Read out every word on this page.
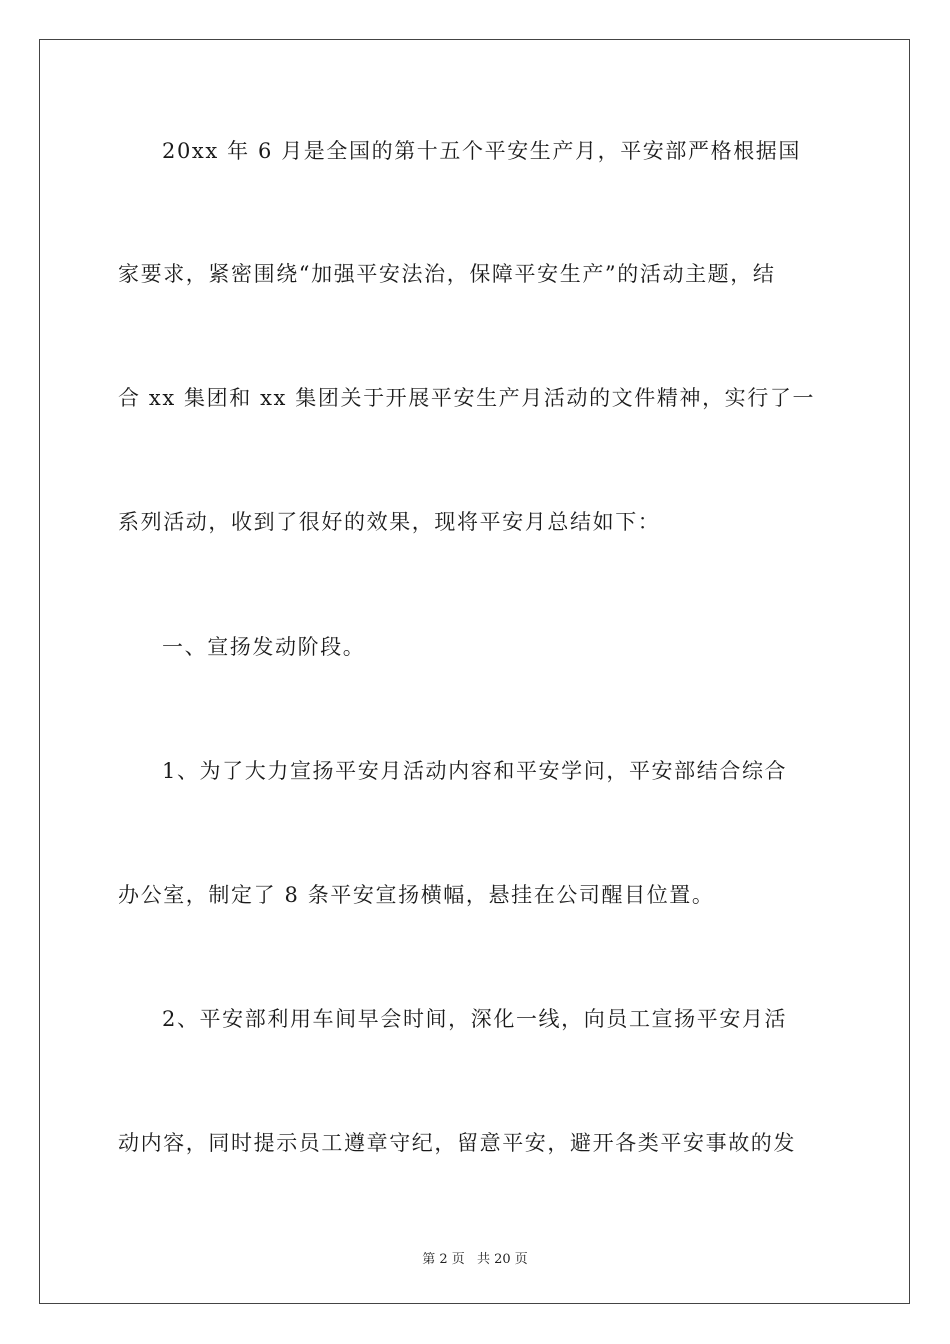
20xx 年 6 月是全国的第十五个平安生产月，平安部严格根据国
家要求，紧密围绕“加强平安法治，保障平安生产”的活动主题，结
合 xx 集团和 xx 集团关于开展平安生产月活动的文件精神，实行了一
系列活动，收到了很好的效果，现将平安月总结如下：
一、宣扬发动阶段。
1、为了大力宣扬平安月活动内容和平安学问，平安部结合综合
办公室，制定了 8 条平安宣扬横幅，悬挂在公司醒目位置。
2、平安部利用车间早会时间，深化一线，向员工宣扬平安月活
动内容，同时提示员工遵章守纪，留意平安，避开各类平安事故的发
第 2 页 共 20 页
